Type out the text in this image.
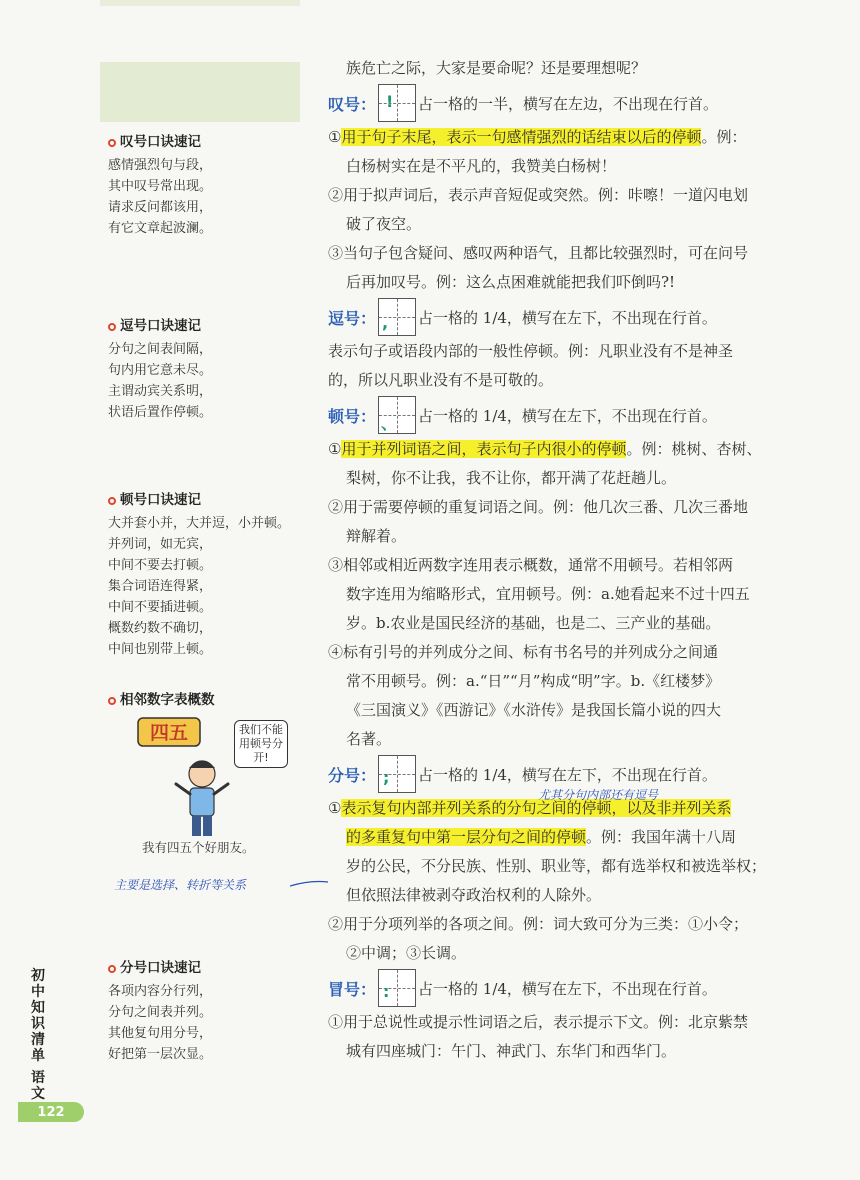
叹号口诀速记
感情强烈句与段，
其中叹号常出现。
请求反问都该用，
有它文章起波澜。
逗号口诀速记
分句之间表间隔，
句内用它意未尽。
主谓动宾关系明，
状语后置作停顿。
顿号口诀速记
大并套小并，大并逗，小并顿。
并列词，如无宾，
中间不要去打顿。
集合词语连得紧，
中间不要插进顿。
概数约数不确切，
中间也别带上顿。
相邻数字表概数
四五	我们不能用顿号分开!
我有四五个好朋友。
主要是选择、转折等关系
分号口诀速记
各项内容分行列，
分句之间表并列。
其他复句用分号，
好把第一层次显。
初
中
知
识
清
单
语
文
122

族危亡之际，大家是要命呢？还是要理想呢？

叹号： ! 占一格的一半，横写在左边，不出现在行首。

①用于句子末尾，表示一句感情强烈的话结束以后的停顿。例：

白杨树实在是不平凡的，我赞美白杨树！

②用于拟声词后，表示声音短促或突然。例：咔嚓！一道闪电划

破了夜空。

③当句子包含疑问、感叹两种语气，且都比较强烈时，可在问号

后再加叹号。例：这么点困难就能把我们吓倒吗?!

逗号： , 占一格的 1/4，横写在左下，不出现在行首。

表示句子或语段内部的一般性停顿。例：凡职业没有不是神圣

的，所以凡职业没有不是可敬的。

顿号： 、 占一格的 1/4，横写在左下，不出现在行首。

①用于并列词语之间，表示句子内很小的停顿。例：桃树、杏树、

梨树，你不让我，我不让你，都开满了花赶趟儿。

②用于需要停顿的重复词语之间。例：他几次三番、几次三番地

辩解着。

③相邻或相近两数字连用表示概数，通常不用顿号。若相邻两

数字连用为缩略形式，宜用顿号。例：a.她看起来不过十四五

岁。b.农业是国民经济的基础，也是二、三产业的基础。

④标有引号的并列成分之间、标有书名号的并列成分之间通

常不用顿号。例：a.“日”“月”构成“明”字。b.《红楼梦》

《三国演义》《西游记》《水浒传》是我国长篇小说的四大

名著。

分号： ; 占一格的 1/4，横写在左下，不出现在行首。
尤其分句内部还有逗号

①表示复句内部并列关系的分句之间的停顿，以及非并列关系

的多重复句中第一层分句之间的停顿。例：我国年满十八周

岁的公民，不分民族、性别、职业等，都有选举权和被选举权；

但依照法律被剥夺政治权利的人除外。

②用于分项列举的各项之间。例：词大致可分为三类：①小令；

②中调；③长调。

冒号： : 占一格的 1/4，横写在左下，不出现在行首。

①用于总说性或提示性词语之后，表示提示下文。例：北京紫禁

城有四座城门：午门、神武门、东华门和西华门。
